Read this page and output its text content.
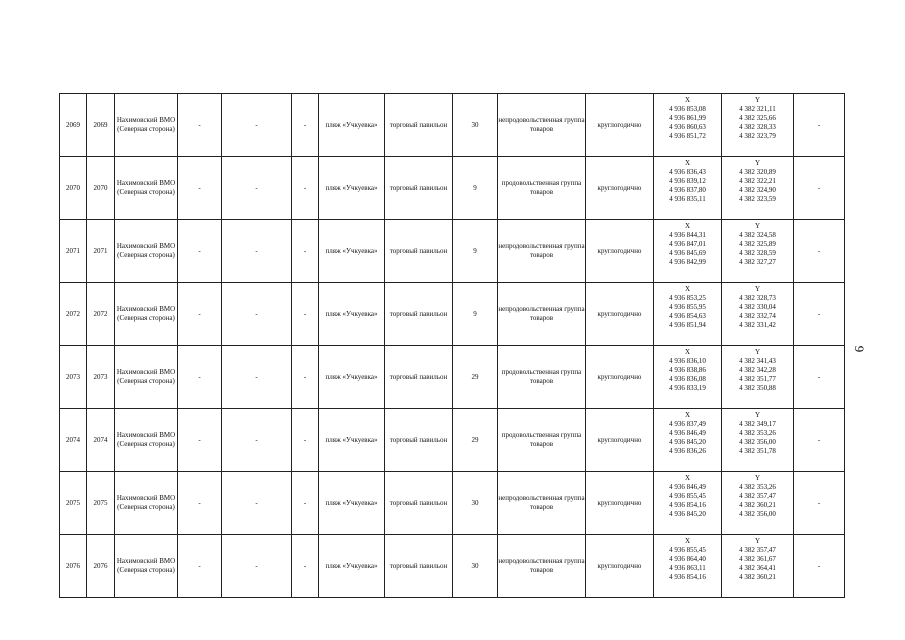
2069	2069	Нахимовский ВМО (Северная сторона)	-	-	-	пляж «Учкуевка»	торговый павильон	30	непродовольственная группа товаров	круглогодично	X
4 936 853,08
4 936 861,99
4 936 860,63
4 936 851,72	Y
4 382 321,11
4 382 325,66
4 382 328,33
4 382 323,79	-
2070	2070	Нахимовский ВМО (Северная сторона)	-	-	-	пляж «Учкуевка»	торговый павильон	9	продовольственная группа товаров	круглогодично	X
4 936 836,43
4 936 839,12
4 936 837,80
4 936 835,11	Y
4 382 320,89
4 382 322,21
4 382 324,90
4 382 323,59	-
2071	2071	Нахимовский ВМО (Северная сторона)	-	-	-	пляж «Учкуевка»	торговый павильон	9	непродовольственная группа товаров	круглогодично	X
4 936 844,31
4 936 847,01
4 936 845,69
4 936 842,99	Y
4 382 324,58
4 382 325,89
4 382 328,59
4 382 327,27	-
2072	2072	Нахимовский ВМО (Северная сторона)	-	-	-	пляж «Учкуевка»	торговый павильон	9	непродовольственная группа товаров	круглогодично	X
4 936 853,25
4 936 855,95
4 936 854,63
4 936 851,94	Y
4 382 328,73
4 382 330,04
4 382 332,74
4 382 331,42	-
2073	2073	Нахимовский ВМО (Северная сторона)	-	-	-	пляж «Учкуевка»	торговый павильон	29	продовольственная группа товаров	круглогодично	X
4 936 836,10
4 936 838,86
4 936 836,08
4 936 833,19	Y
4 382 341,43
4 382 342,28
4 382 351,77
4 382 350,88	-
2074	2074	Нахимовский ВМО (Северная сторона)	-	-	-	пляж «Учкуевка»	торговый павильон	29	продовольственная группа товаров	круглогодично	X
4 936 837,49
4 936 846,49
4 936 845,20
4 936 836,26	Y
4 382 349,17
4 382 353,26
4 382 356,00
4 382 351,78	-
2075	2075	Нахимовский ВМО (Северная сторона)	-	-	-	пляж «Учкуевка»	торговый павильон	30	непродовольственная группа товаров	круглогодично	X
4 936 846,49
4 936 855,45
4 936 854,16
4 936 845,20	Y
4 382 353,26
4 382 357,47
4 382 360,21
4 382 356,00	-
2076	2076	Нахимовский ВМО (Северная сторона)	-	-	-	пляж «Учкуевка»	торговый павильон	30	непродовольственная группа товаров	круглогодично	X
4 936 855,45
4 936 864,40
4 936 863,11
4 936 854,16	Y
4 382 357,47
4 382 361,67
4 382 364,41
4 382 360,21	-
9
